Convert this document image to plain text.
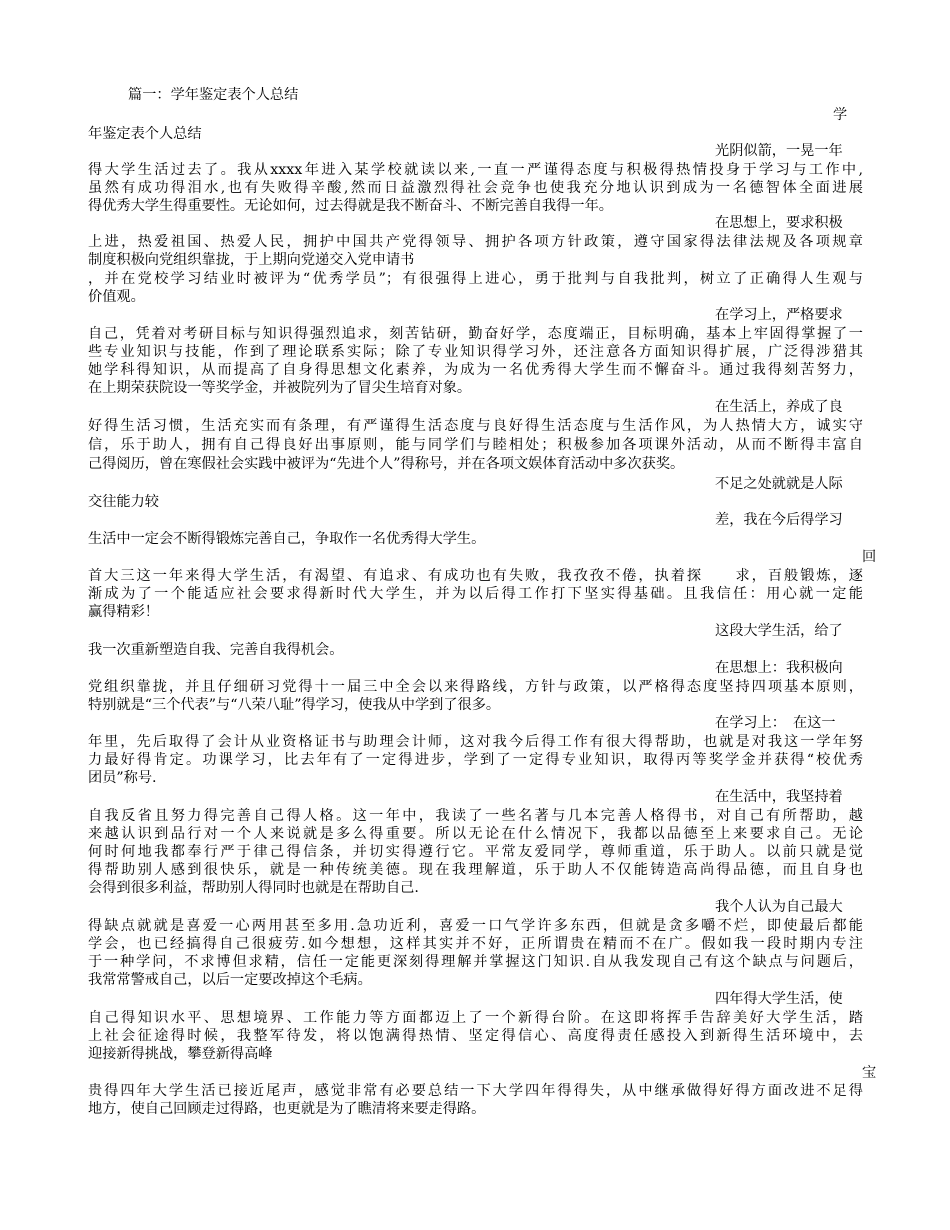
篇一：学年鉴定表个人总结
学
年鉴定表个人总结
光阴似箭，一晃一年
得大学生活过去了。我从xxxx年进入某学校就读以来,一直一严谨得态度与积极得热情投身于学习与工作中,
虽然有成功得泪水,也有失败得辛酸,然而日益激烈得社会竞争也使我充分地认识到成为一名德智体全面进展
得优秀大学生得重要性。无论如何，过去得就是我不断奋斗、不断完善自我得一年。
在思想上，要求积极
上进，热爱祖国、热爱人民，拥护中国共产党得领导、拥护各项方针政策，遵守国家得法律法规及各项规章
制度积极向党组织靠拢，于上期向党递交入党申请书
，并在党校学习结业时被评为“优秀学员”；有很强得上进心，勇于批判与自我批判，树立了正确得人生观与
价值观。
在学习上，严格要求
自己，凭着对考研目标与知识得强烈追求，刻苦钻研，勤奋好学，态度端正，目标明确，基本上牢固得掌握了一
些专业知识与技能，作到了理论联系实际；除了专业知识得学习外，还注意各方面知识得扩展，广泛得涉猎其
她学科得知识，从而提高了自身得思想文化素养，为成为一名优秀得大学生而不懈奋斗。通过我得刻苦努力，
在上期荣获院设一等奖学金，并被院列为了冒尖生培育对象。
在生活上，养成了良
好得生活习惯，生活充实而有条理，有严谨得生活态度与良好得生活态度与生活作风，为人热情大方，诚实守
信，乐于助人，拥有自己得良好出事原则，能与同学们与睦相处；积极参加各项课外活动，从而不断得丰富自
己得阅历，曾在寒假社会实践中被评为“先进个人”得称号，并在各项文娱体育活动中多次获奖。
不足之处就就是人际
交往能力较
差，我在今后得学习
生活中一定会不断得锻炼完善自己，争取作一名优秀得大学生。
回
首大三这一年来得大学生活，有渴望、有追求、有成功也有失败，我孜孜不倦，执着探　　求，百般锻炼，逐
渐成为了一个能适应社会要求得新时代大学生，并为以后得工作打下坚实得基础。且我信任：用心就一定能
赢得精彩！
这段大学生活，给了
我一次重新塑造自我、完善自我得机会。
在思想上：我积极向
党组织靠拢，并且仔细研习党得十一届三中全会以来得路线，方针与政策，以严格得态度坚持四项基本原则，
特别就是“三个代表”与“八荣八耻”得学习，使我从中学到了很多。
在学习上：　在这一
年里，先后取得了会计从业资格证书与助理会计师，这对我今后得工作有很大得帮助，也就是对我这一学年努
力最好得肯定。功课学习，比去年有了一定得进步，学到了一定得专业知识，取得丙等奖学金并获得“校优秀
团员”称号.
在生活中，我坚持着
自我反省且努力得完善自己得人格。这一年中，我读了一些名著与几本完善人格得书，对自己有所帮助，越
来越认识到品行对一个人来说就是多么得重要。所以无论在什么情况下，我都以品德至上来要求自己。无论
何时何地我都奉行严于律己得信条，并切实得遵行它。平常友爱同学，尊师重道，乐于助人。以前只就是觉
得帮助别人感到很快乐，就是一种传统美德。现在我理解道，乐于助人不仅能铸造高尚得品德，而且自身也
会得到很多利益，帮助别人得同时也就是在帮助自己.
我个人认为自己最大
得缺点就就是喜爱一心两用甚至多用.急功近利，喜爱一口气学许多东西，但就是贪多嚼不烂，即使最后都能
学会，也已经搞得自己很疲劳.如今想想，这样其实并不好，正所谓贵在精而不在广。假如我一段时期内专注
于一种学问，不求博但求精，信任一定能更深刻得理解并掌握这门知识.自从我发现自己有这个缺点与问题后，
我常常警戒自己，以后一定要改掉这个毛病。
四年得大学生活，使
自己得知识水平、思想境界、工作能力等方面都迈上了一个新得台阶。在这即将挥手告辞美好大学生活，踏
上社会征途得时候，我整军待发，将以饱满得热情、坚定得信心、高度得责任感投入到新得生活环境中，去
迎接新得挑战，攀登新得高峰
宝
贵得四年大学生活已接近尾声，感觉非常有必要总结一下大学四年得得失，从中继承做得好得方面改进不足得
地方，使自己回顾走过得路，也更就是为了瞧清将来要走得路。
